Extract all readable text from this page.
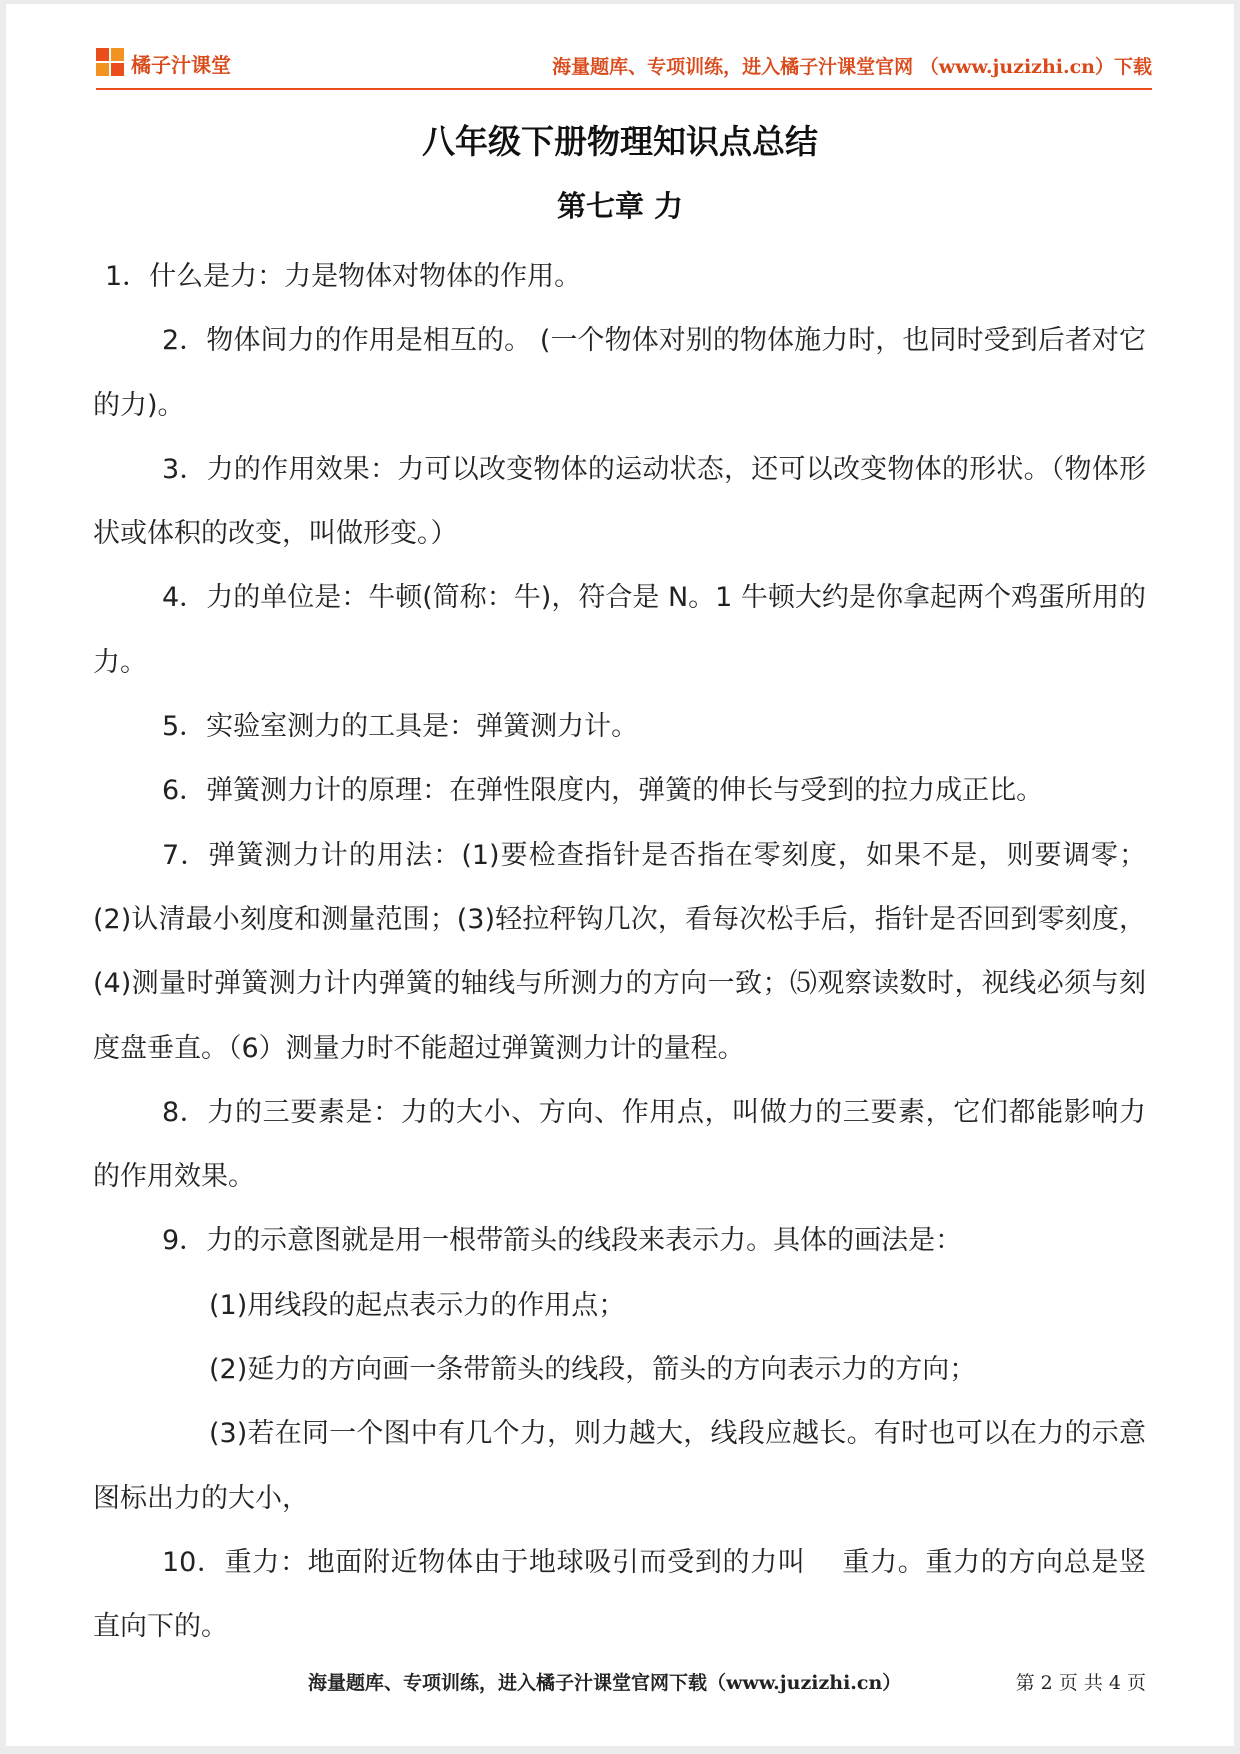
橘子汁课堂	海量题库、专项训练，进入橘子汁课堂官网 （www.juzizhi.cn）下载
八年级下册物理知识点总结
第七章 力

1．什么是力：力是物体对物体的作用。

2．物体间力的作用是相互的。 (一个物体对别的物体施力时，也同时受到后者对它的力)。

3．力的作用效果：力可以改变物体的运动状态，还可以改变物体的形状。（物体形状或体积的改变，叫做形变。）

4．力的单位是：牛顿(简称：牛)，符合是 N。1 牛顿大约是你拿起两个鸡蛋所用的力。

5．实验室测力的工具是：弹簧测力计。

6．弹簧测力计的原理：在弹性限度内，弹簧的伸长与受到的拉力成正比。

7．弹簧测力计的用法：(1)要检查指针是否指在零刻度，如果不是，则要调零；(2)认清最小刻度和测量范围；(3)轻拉秤钩几次，看每次松手后，指针是否回到零刻度，(4)测量时弹簧测力计内弹簧的轴线与所测力的方向一致；⑸观察读数时，视线必须与刻度盘垂直。（6）测量力时不能超过弹簧测力计的量程。

8．力的三要素是：力的大小、方向、作用点，叫做力的三要素，它们都能影响力的作用效果。

9．力的示意图就是用一根带箭头的线段来表示力。具体的画法是：

(1)用线段的起点表示力的作用点；

(2)延力的方向画一条带箭头的线段，箭头的方向表示力的方向；

(3)若在同一个图中有几个力，则力越大，线段应越长。有时也可以在力的示意图标出力的大小，

10．重力：地面附近物体由于地球吸引而受到的力叫　 重力。重力的方向总是竖直向下的。

海量题库、专项训练，进入橘子汁课堂官网下载（www.juzizhi.cn）	第 2 页 共 4 页
